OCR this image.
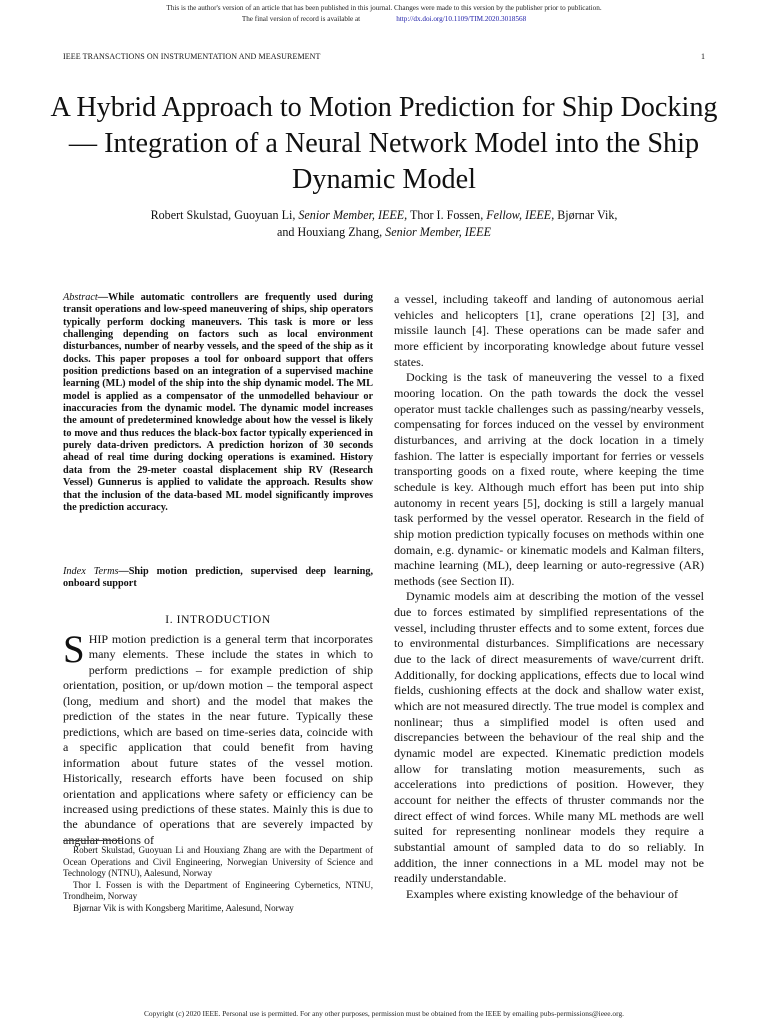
This is the author's version of an article that has been published in this journal. Changes were made to this version by the publisher prior to publication.
The final version of record is available at	http://dx.doi.org/10.1109/TIM.2020.3018568
IEEE TRANSACTIONS ON INSTRUMENTATION AND MEASUREMENT	1
A Hybrid Approach to Motion Prediction for Ship Docking— Integration of a Neural Network Model into the Ship Dynamic Model
Robert Skulstad, Guoyuan Li, Senior Member, IEEE, Thor I. Fossen, Fellow, IEEE, Bjørnar Vik,
and Houxiang Zhang, Senior Member, IEEE
Abstract—While automatic controllers are frequently used during transit operations and low-speed maneuvering of ships, ship operators typically perform docking maneuvers. This task is more or less challenging depending on factors such as local environment disturbances, number of nearby vessels, and the speed of the ship as it docks. This paper proposes a tool for onboard support that offers position predictions based on an integration of a supervised machine learning (ML) model of the ship into the ship dynamic model. The ML model is applied as a compensator of the unmodelled behaviour or inaccuracies from the dynamic model. The dynamic model increases the amount of predetermined knowledge about how the vessel is likely to move and thus reduces the black-box factor typically experienced in purely data-driven predictors. A prediction horizon of 30 seconds ahead of real time during docking operations is examined. History data from the 29-meter coastal displacement ship RV (Research Vessel) Gunnerus is applied to validate the approach. Results show that the inclusion of the data-based ML model significantly improves the prediction accuracy.
Index Terms—Ship motion prediction, supervised deep learning, onboard support
I. INTRODUCTION
SHIP motion prediction is a general term that incorporates many elements. These include the states in which to perform predictions – for example prediction of ship orientation, position, or up/down motion – the temporal aspect (long, medium and short) and the model that makes the prediction of the states in the near future. Typically these predictions, which are based on time-series data, coincide with a specific application that could benefit from having information about future states of the vessel motion. Historically, research efforts have been focused on ship orientation and applications where safety or efficiency can be increased using predictions of these states. Mainly this is due to the abundance of operations that are severely impacted by angular motions of

Robert Skulstad, Guoyuan Li and Houxiang Zhang are with the Department of Ocean Operations and Civil Engineering, Norwegian University of Science and Technology (NTNU), Aalesund, Norway

Thor I. Fossen is with the Department of Engineering Cybernetics, NTNU, Trondheim, Norway

Bjørnar Vik is with Kongsberg Maritime, Aalesund, Norway

a vessel, including takeoff and landing of autonomous aerial vehicles and helicopters [1], crane operations [2] [3], and missile launch [4]. These operations can be made safer and more efficient by incorporating knowledge about future vessel states.

Docking is the task of maneuvering the vessel to a fixed mooring location. On the path towards the dock the vessel operator must tackle challenges such as passing/nearby vessels, compensating for forces induced on the vessel by environment disturbances, and arriving at the dock location in a timely fashion. The latter is especially important for ferries or vessels transporting goods on a fixed route, where keeping the time schedule is key. Although much effort has been put into ship autonomy in recent years [5], docking is still a largely manual task performed by the vessel operator. Research in the field of ship motion prediction typically focuses on methods within one domain, e.g. dynamic- or kinematic models and Kalman filters, machine learning (ML), deep learning or auto-regressive (AR) methods (see Section II).

Dynamic models aim at describing the motion of the vessel due to forces estimated by simplified representations of the vessel, including thruster effects and to some extent, forces due to environmental disturbances. Simplifications are necessary due to the lack of direct measurements of wave/current drift. Additionally, for docking applications, effects due to local wind fields, cushioning effects at the dock and shallow water exist, which are not measured directly. The true model is complex and nonlinear; thus a simplified model is often used and discrepancies between the behaviour of the real ship and the dynamic model are expected. Kinematic prediction models allow for translating motion measurements, such as accelerations into predictions of position. However, they account for neither the effects of thruster commands nor the direct effect of wind forces. While many ML methods are well suited for representing nonlinear models they require a substantial amount of sampled data to do so reliably. In addition, the inner connections in a ML model may not be readily understandable.

Examples where existing knowledge of the behaviour of

Copyright (c) 2020 IEEE. Personal use is permitted. For any other purposes, permission must be obtained from the IEEE by emailing pubs-permissions@ieee.org.
